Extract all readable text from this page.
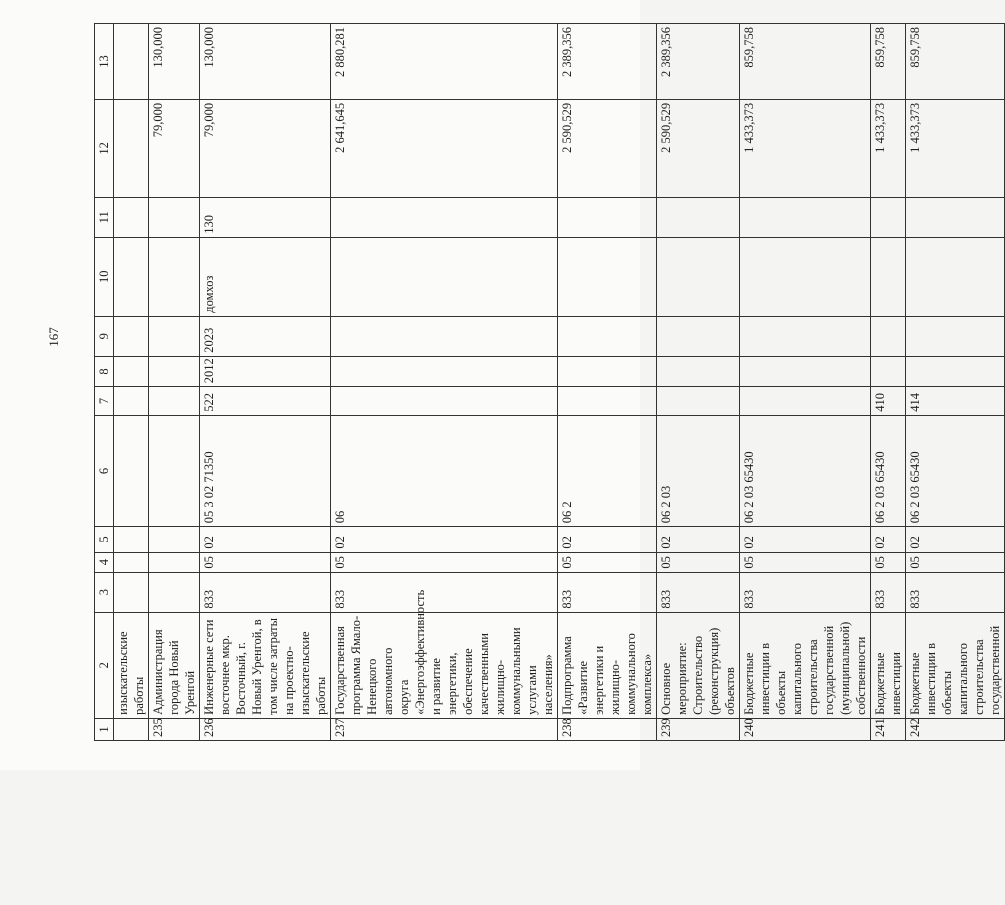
167
1	2	3	4	5	6	7	8	9	10	11	12	13
	изыскательские работы											
235	Администрация города Новый Уренгой										79,000	130,000
236	Инженерные сети восточнее мкр. Восточный, г. Новый Уренгой, в том числе затраты на проектно-изыскательские работы	833	05	02	05 3 02 71350	522	2012	2023	домхоз	130	79,000	130,000
237	Государственная программа Ямало-Ненецкого автономного округа «Энергоэффективность и развитие энергетики, обеспечение качественными жилищно-коммунальными услугами населения»	833	05	02	06						2 641,645	2 880,281
238	Подпрограмма «Развитие энергетики и жилищно-коммунального комплекса»	833	05	02	06 2						2 590,529	2 389,356
239	Основное мероприятие: Строительство (реконструкция) объектов	833	05	02	06 2 03						2 590,529	2 389,356
240	Бюджетные инвестиции в объекты капитального строительства государственной (муниципальной) собственности	833	05	02	06 2 03 65430						1 433,373	859,758
241	Бюджетные инвестиции	833	05	02	06 2 03 65430	410					1 433,373	859,758
242	Бюджетные инвестиции в объекты капитального строительства государственной	833	05	02	06 2 03 65430	414					1 433,373	859,758
